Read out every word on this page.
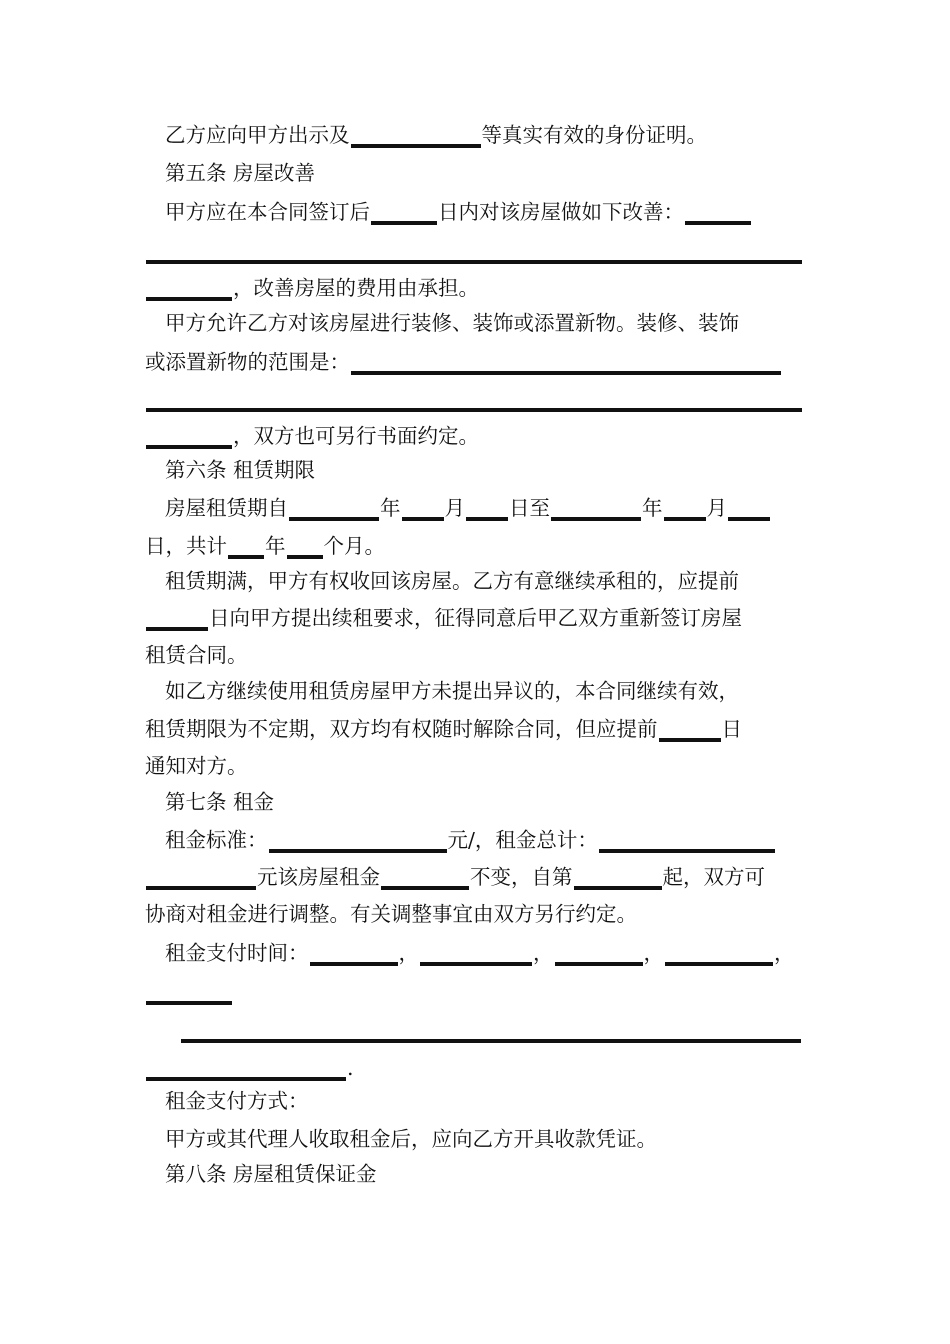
乙方应向甲方出示及	等真实有效的身份证明。
第五条 房屋改善
甲方应在本合同签订后	日内对该房屋做如下改善：
，改善房屋的费用由承担。
甲方允许乙方对该房屋进行装修、装饰或添置新物。装修、装饰
或添置新物的范围是：
，双方也可另行书面约定。
第六条 租赁期限
房屋租赁期自	年 月 日至	年 月
日，共计 年 个月。
租赁期满，甲方有权收回该房屋。乙方有意继续承租的，应提前
日向甲方提出续租要求，征得同意后甲乙双方重新签订房屋
租赁合同。
如乙方继续使用租赁房屋甲方未提出异议的，本合同继续有效，
租赁期限为不定期，双方均有权随时解除合同，但应提前	日
通知对方。
第七条 租金
租金标准：	元/，租金总计：
元该房屋租金	不变，自第	起，双方可
协商对租金进行调整。有关调整事宜由双方另行约定。
租金支付时间：	，	，	，	，
.
租金支付方式：
甲方或其代理人收取租金后，应向乙方开具收款凭证。
第八条 房屋租赁保证金
